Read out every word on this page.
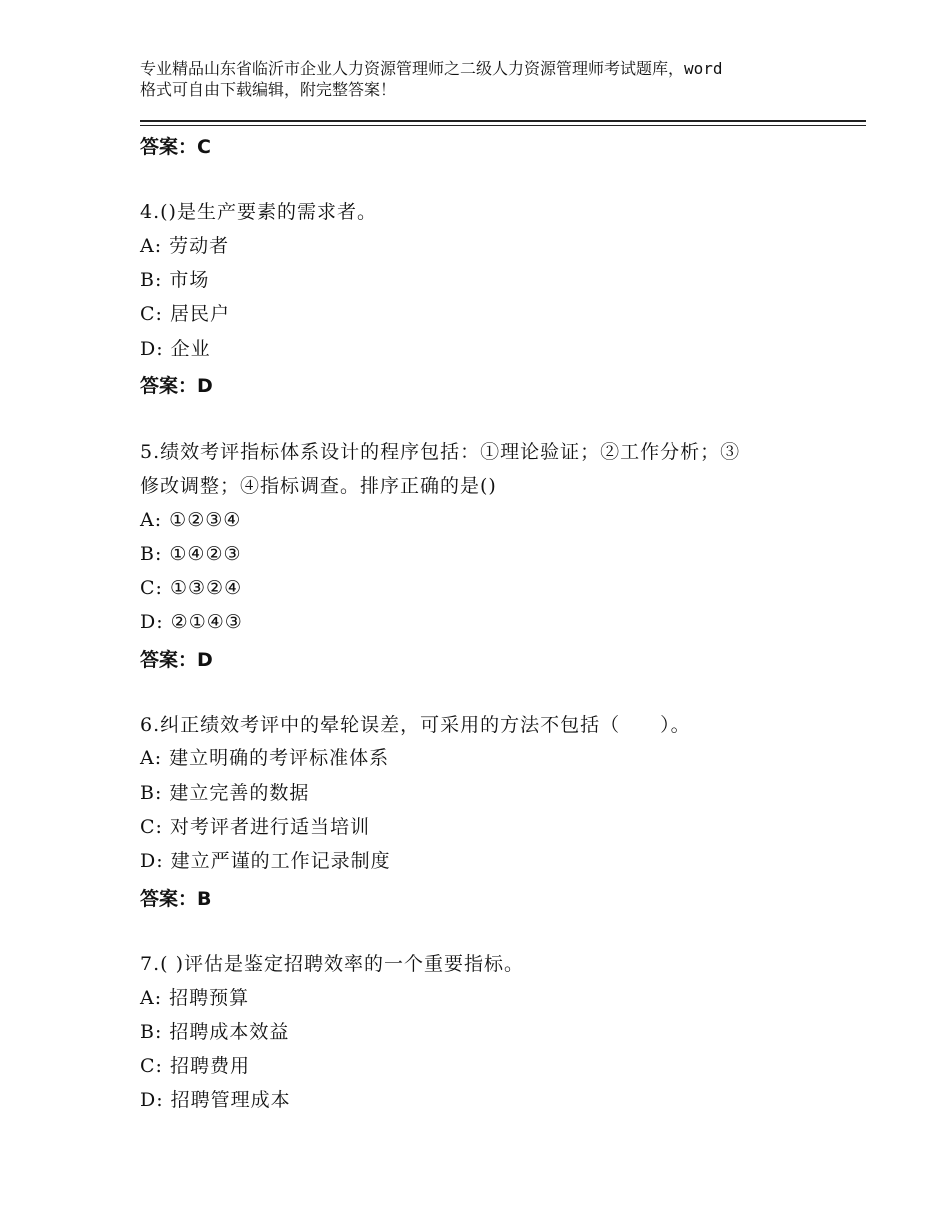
专业精品山东省临沂市企业人力资源管理师之二级人力资源管理师考试题库，word
格式可自由下载编辑，附完整答案！
答案：C
4.()是生产要素的需求者。
A: 劳动者
B: 市场
C: 居民户
D: 企业
答案：D
5.绩效考评指标体系设计的程序包括：①理论验证；②工作分析；③
修改调整；④指标调查。排序正确的是()
A: ①②③④
B: ①④②③
C: ①③②④
D: ②①④③
答案：D
6.纠正绩效考评中的晕轮误差，可采用的方法不包括（　　）。
A: 建立明确的考评标准体系
B: 建立完善的数据
C: 对考评者进行适当培训
D: 建立严谨的工作记录制度
答案：B
7.( )评估是鉴定招聘效率的一个重要指标。
A: 招聘预算
B: 招聘成本效益
C: 招聘费用
D: 招聘管理成本
